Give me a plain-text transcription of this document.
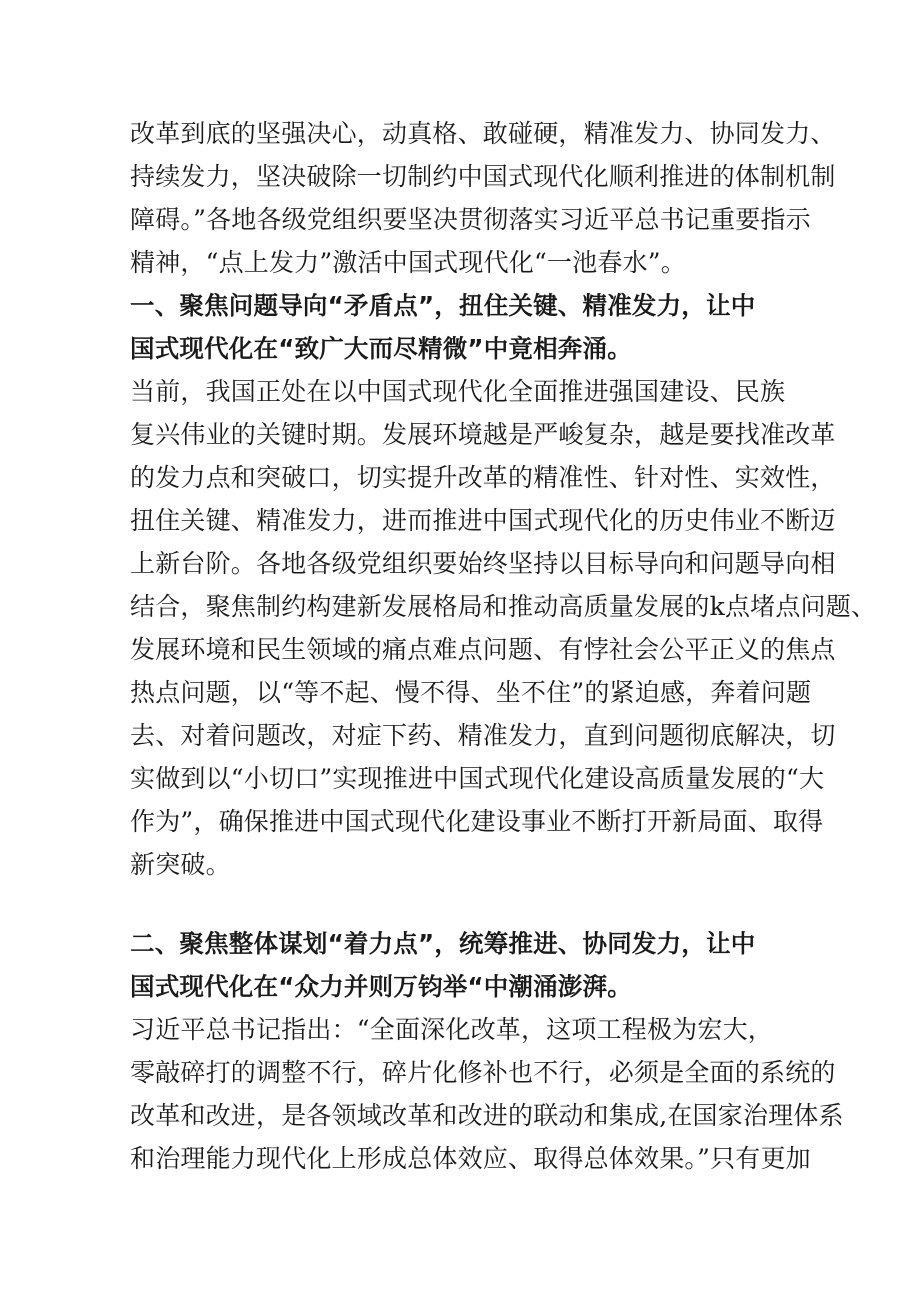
改革到底的坚强决心，动真格、敢碰硬，精准发力、协同发力、
持续发力，坚决破除一切制约中国式现代化顺利推进的体制机制
障碍。”各地各级党组织要坚决贯彻落实习近平总书记重要指示
精神，“点上发力”激活中国式现代化“一池春水”。
一、聚焦问题导向“矛盾点”，扭住关键、精准发力，让中
国式现代化在“致广大而尽精微”中竟相奔涌。
当前，我国正处在以中国式现代化全面推进强国建设、民族
复兴伟业的关键时期。发展环境越是严峻复杂，越是要找准改革
的发力点和突破口，切实提升改革的精准性、针对性、实效性，
扭住关键、精准发力，进而推进中国式现代化的历史伟业不断迈
上新台阶。各地各级党组织要始终坚持以目标导向和问题导向相
结合，聚焦制约构建新发展格局和推动高质量发展的k点堵点问题、
发展环境和民生领域的痛点难点问题、有悖社会公平正义的焦点
热点问题，以“等不起、慢不得、坐不住”的紧迫感，奔着问题
去、对着问题改，对症下药、精准发力，直到问题彻底解决，切
实做到以“小切口”实现推进中国式现代化建设高质量发展的“大
作为”，确保推进中国式现代化建设事业不断打开新局面、取得
新突破。
二、聚焦整体谋划“着力点”，统筹推进、协同发力，让中
国式现代化在“众力并则万钧举“中潮涌澎湃。
习近平总书记指出：“全面深化改革，这项工程极为宏大，
零敲碎打的调整不行，碎片化修补也不行，必须是全面的系统的
改革和改进，是各领域改革和改进的联动和集成,在国家治理体系
和治理能力现代化上形成总体效应、取得总体效果。”只有更加
